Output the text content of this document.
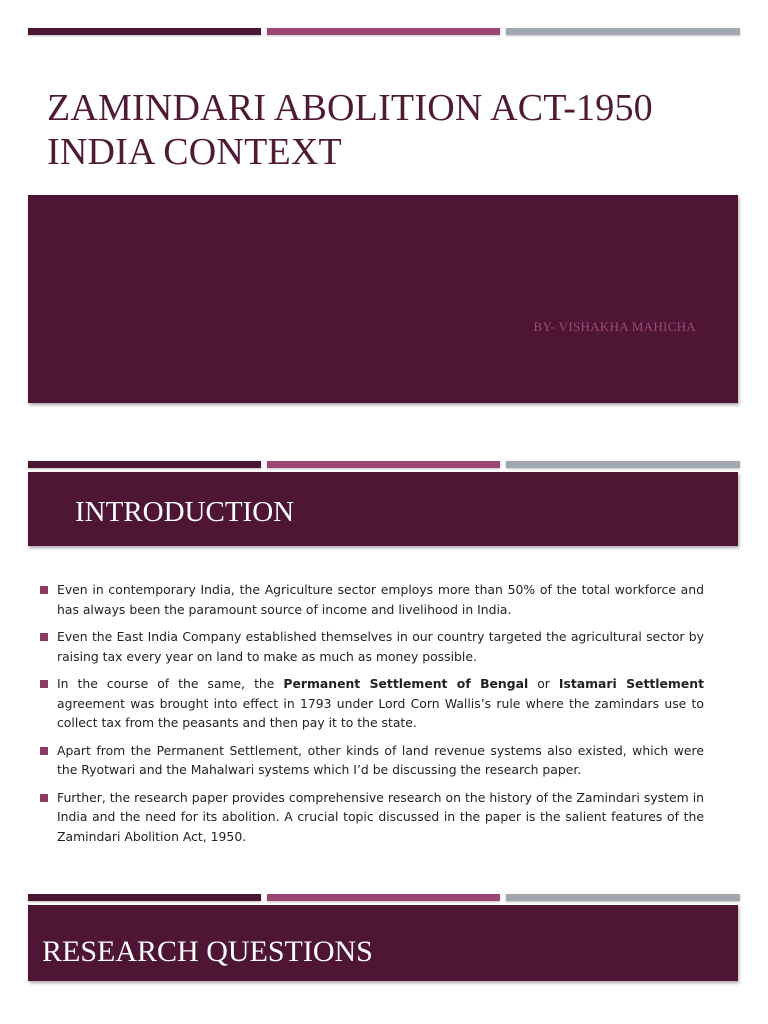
ZAMINDARI ABOLITION ACT-1950
INDIA CONTEXT
BY- VISHAKHA MAHICHA
INTRODUCTION
Even in contemporary India, the Agriculture sector employs more than 50% of the total workforce and has always been the paramount source of income and livelihood in India.
Even the East India Company established themselves in our country targeted the agricultural sector by raising tax every year on land to make as much as money possible.
In the course of the same, the Permanent Settlement of Bengal or Istamari Settlement agreement was brought into effect in 1793 under Lord Corn Wallis’s rule where the zamindars use to collect tax from the peasants and then pay it to the state.
Apart from the Permanent Settlement, other kinds of land revenue systems also existed, which were the Ryotwari and the Mahalwari systems which I’d be discussing the research paper.
Further, the research paper provides comprehensive research on the history of the Zamindari system in India and the need for its abolition. A crucial topic discussed in the paper is the salient features of the Zamindari Abolition Act, 1950.
RESEARCH QUESTIONS
